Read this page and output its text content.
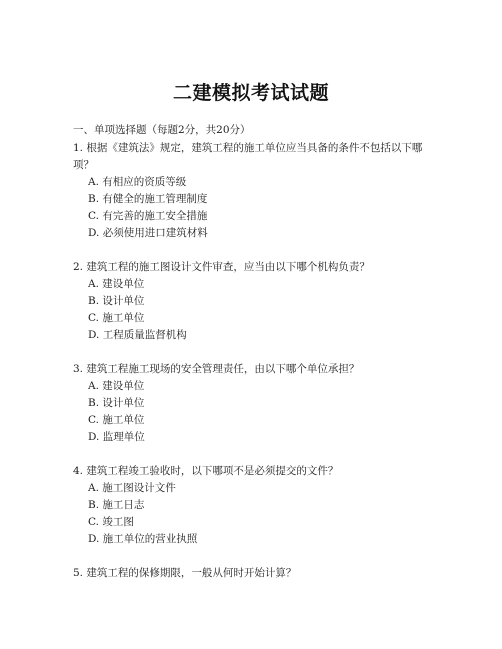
二建模拟考试试题
一、单项选择题（每题2分，共20分）
1. 根据《建筑法》规定，建筑工程的施工单位应当具备的条件不包括以下哪项？
A. 有相应的资质等级
B. 有健全的施工管理制度
C. 有完善的施工安全措施
D. 必须使用进口建筑材料
2. 建筑工程的施工图设计文件审查，应当由以下哪个机构负责？
A. 建设单位
B. 设计单位
C. 施工单位
D. 工程质量监督机构
3. 建筑工程施工现场的安全管理责任，由以下哪个单位承担？
A. 建设单位
B. 设计单位
C. 施工单位
D. 监理单位
4. 建筑工程竣工验收时，以下哪项不是必须提交的文件？
A. 施工图设计文件
B. 施工日志
C. 竣工图
D. 施工单位的营业执照
5. 建筑工程的保修期限，一般从何时开始计算？
